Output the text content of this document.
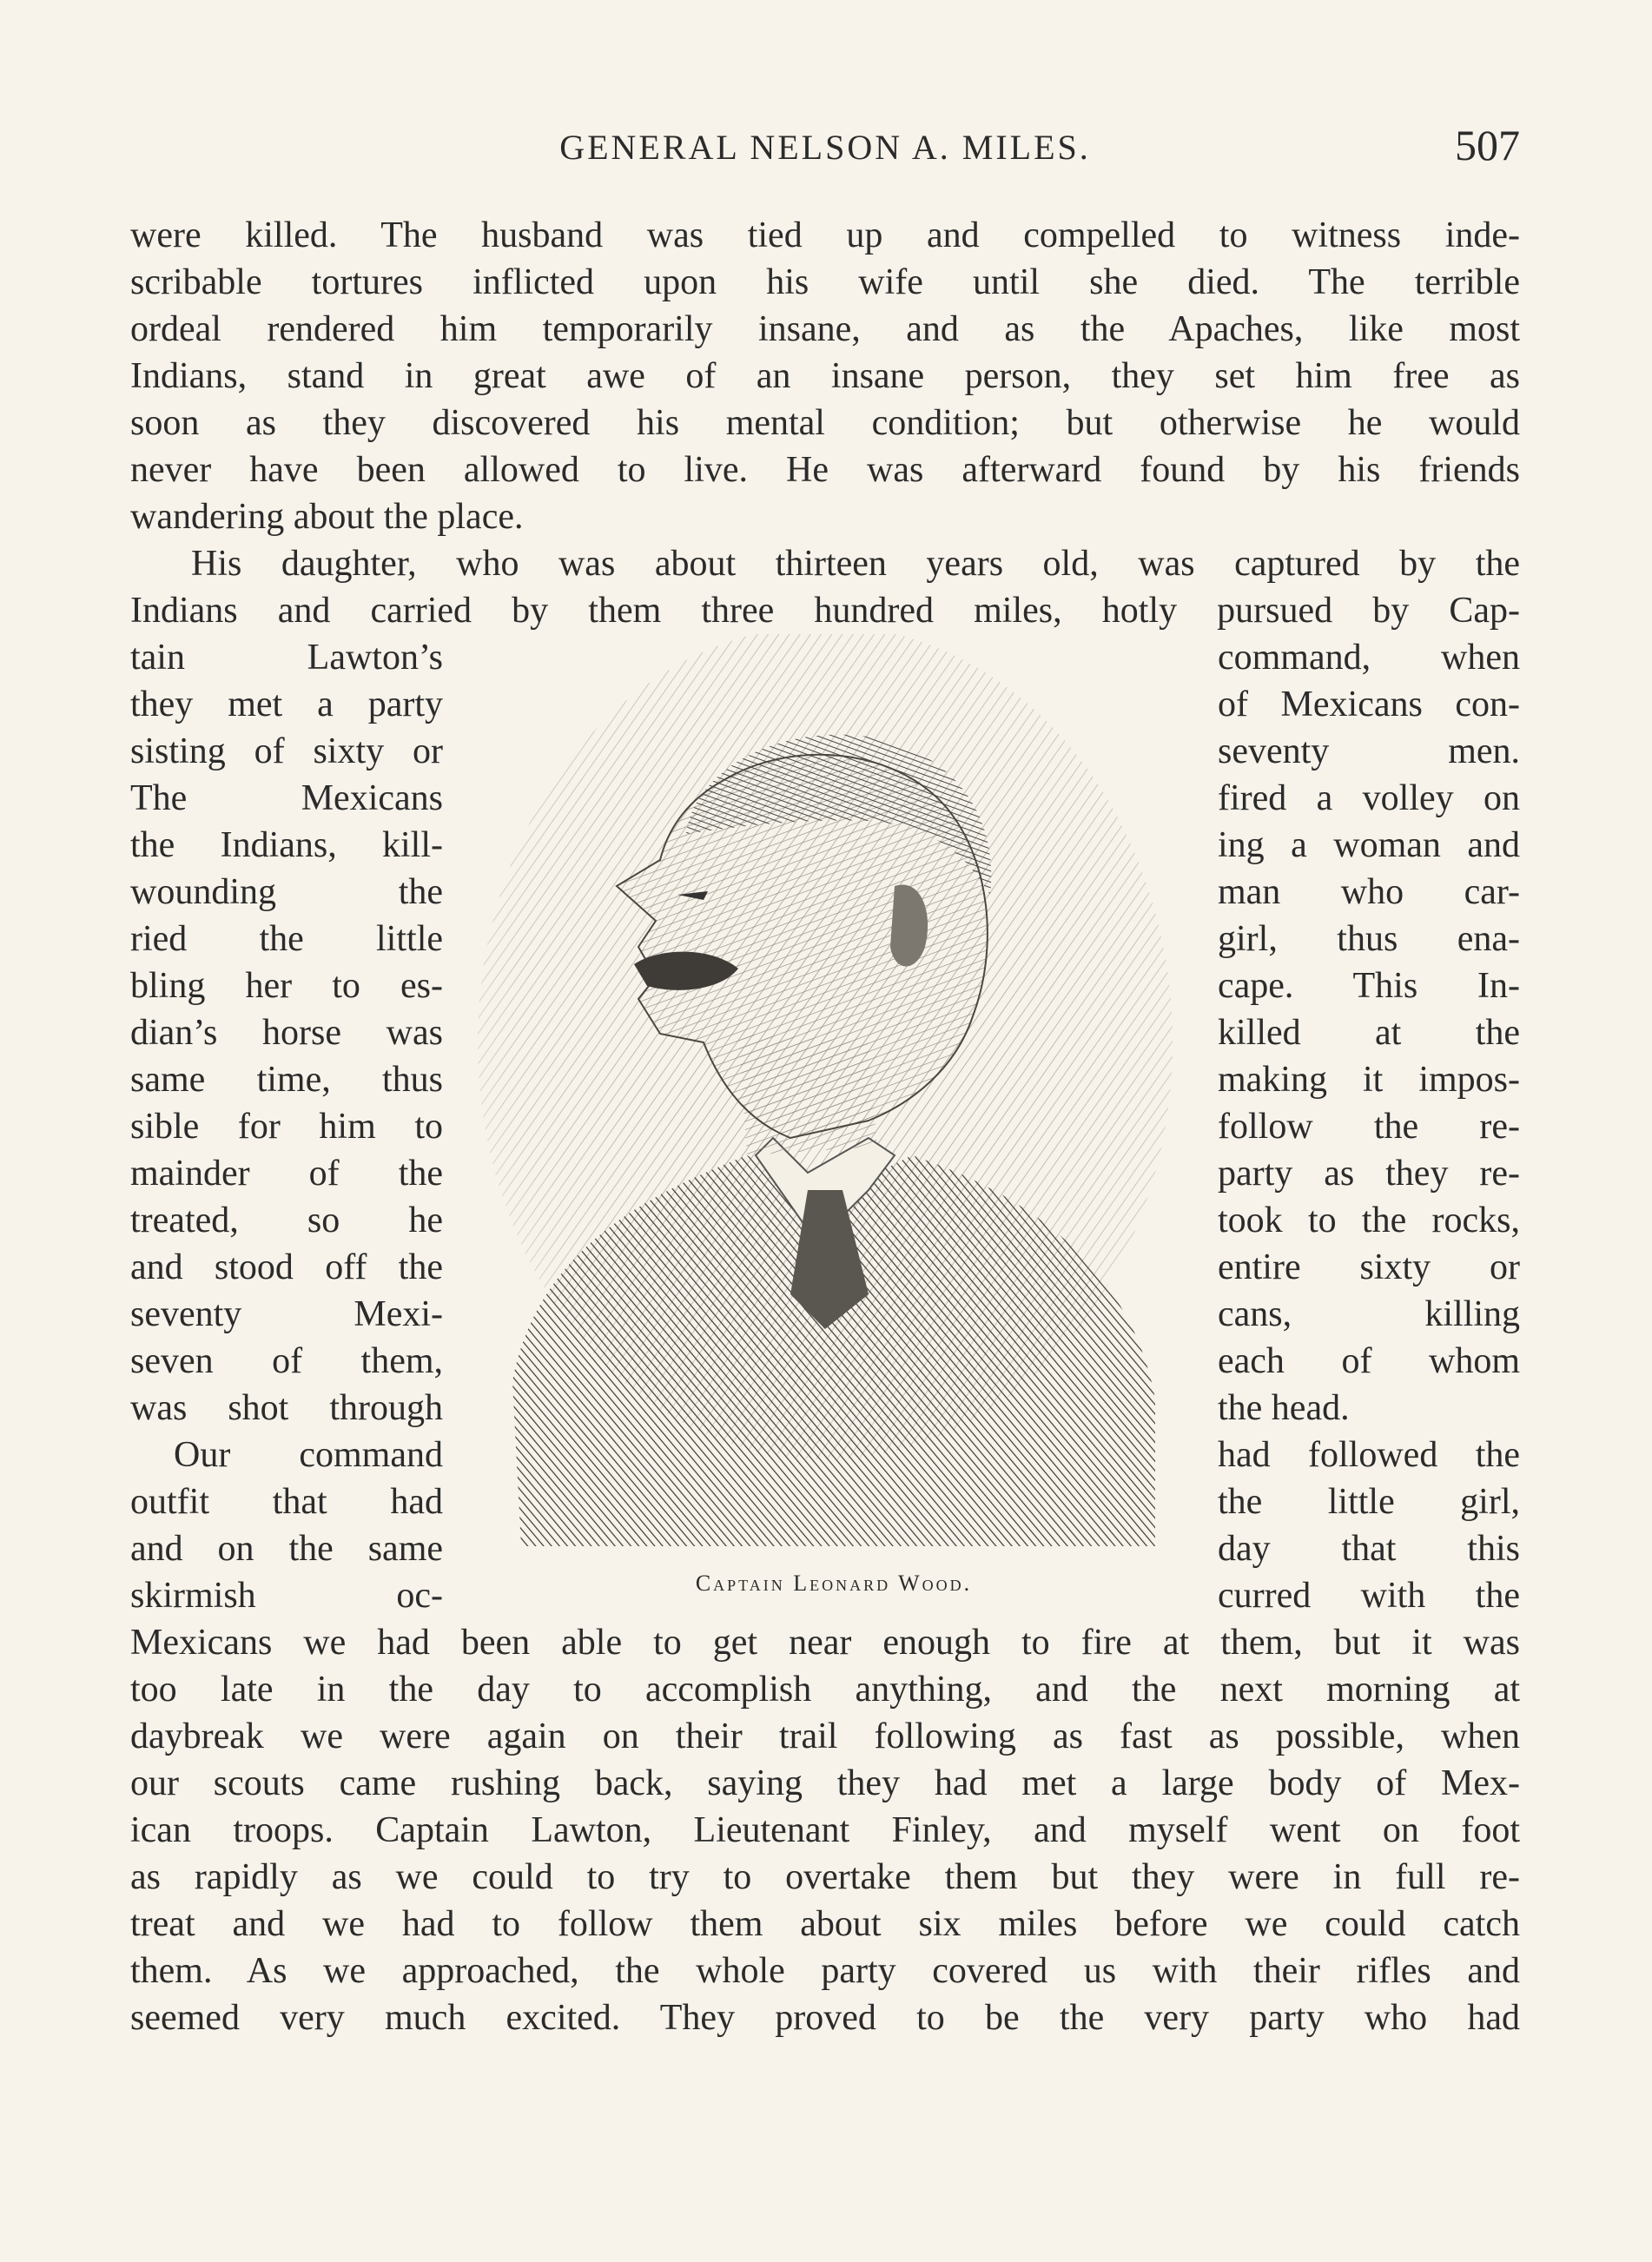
GENERAL NELSON A. MILES.	507
were killed. The husband was tied up and compelled to witness inde-
scribable tortures inflicted upon his wife until she died. The terrible
ordeal rendered him temporarily insane, and as the Apaches, like most
Indians, stand in great awe of an insane person, they set him free as
soon as they discovered his mental condition; but otherwise he would
never have been allowed to live. He was afterward found by his friends
wandering about the place.
His daughter, who was about thirteen years old, was captured by the
Indians and carried by them three hundred miles, hotly pursued by Cap-
tain Lawton’s
they met a party
sisting of sixty or
The Mexicans
the Indians, kill-
wounding the
ried the little
bling her to es-
dian’s horse was
same time, thus
sible for him to
mainder of the
treated, so he
and stood off the
seventy Mexi-
seven of them,
was shot through
Our command
outfit that had
and on the same
skirmish oc-
command, when
of Mexicans con-
seventy men.
fired a volley on
ing a woman and
man who car-
girl, thus ena-
cape. This In-
killed at the
making it impos-
follow the re-
party as they re-
took to the rocks,
entire sixty or
cans, killing
each of whom
the head.
had followed the
the little girl,
day that this
curred with the
Captain Leonard Wood.
Mexicans we had been able to get near enough to fire at them, but it was
too late in the day to accomplish anything, and the next morning at
daybreak we were again on their trail following as fast as possible, when
our scouts came rushing back, saying they had met a large body of Mex-
ican troops. Captain Lawton, Lieutenant Finley, and myself went on foot
as rapidly as we could to try to overtake them but they were in full re-
treat and we had to follow them about six miles before we could catch
them. As we approached, the whole party covered us with their rifles and
seemed very much excited. They proved to be the very party who had
